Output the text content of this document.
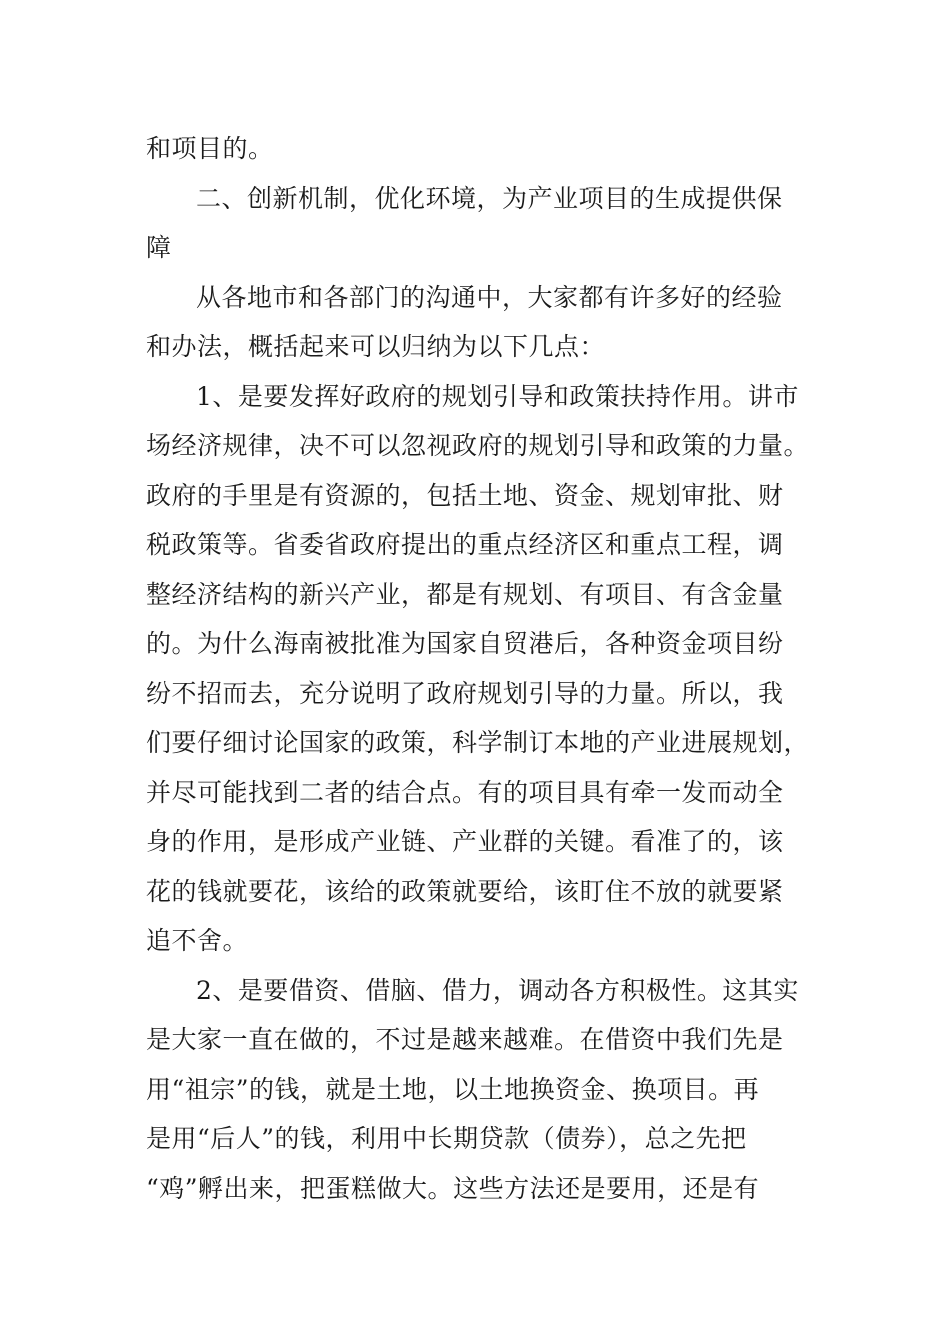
和项目的。
二、创新机制，优化环境，为产业项目的生成提供保
障
从各地市和各部门的沟通中，大家都有许多好的经验
和办法，概括起来可以归纳为以下几点：
1、是要发挥好政府的规划引导和政策扶持作用。讲市
场经济规律，决不可以忽视政府的规划引导和政策的力量。
政府的手里是有资源的，包括土地、资金、规划审批、财
税政策等。省委省政府提出的重点经济区和重点工程，调
整经济结构的新兴产业，都是有规划、有项目、有含金量
的。为什么海南被批准为国家自贸港后，各种资金项目纷
纷不招而去，充分说明了政府规划引导的力量。所以，我
们要仔细讨论国家的政策，科学制订本地的产业进展规划，
并尽可能找到二者的结合点。有的项目具有牵一发而动全
身的作用，是形成产业链、产业群的关键。看准了的，该
花的钱就要花，该给的政策就要给，该盯住不放的就要紧
追不舍。
2、是要借资、借脑、借力，调动各方积极性。这其实
是大家一直在做的，不过是越来越难。在借资中我们先是
用“祖宗”的钱，就是土地，以土地换资金、换项目。再
是用“后人”的钱，利用中长期贷款（债券），总之先把
“鸡”孵出来，把蛋糕做大。这些方法还是要用，还是有
